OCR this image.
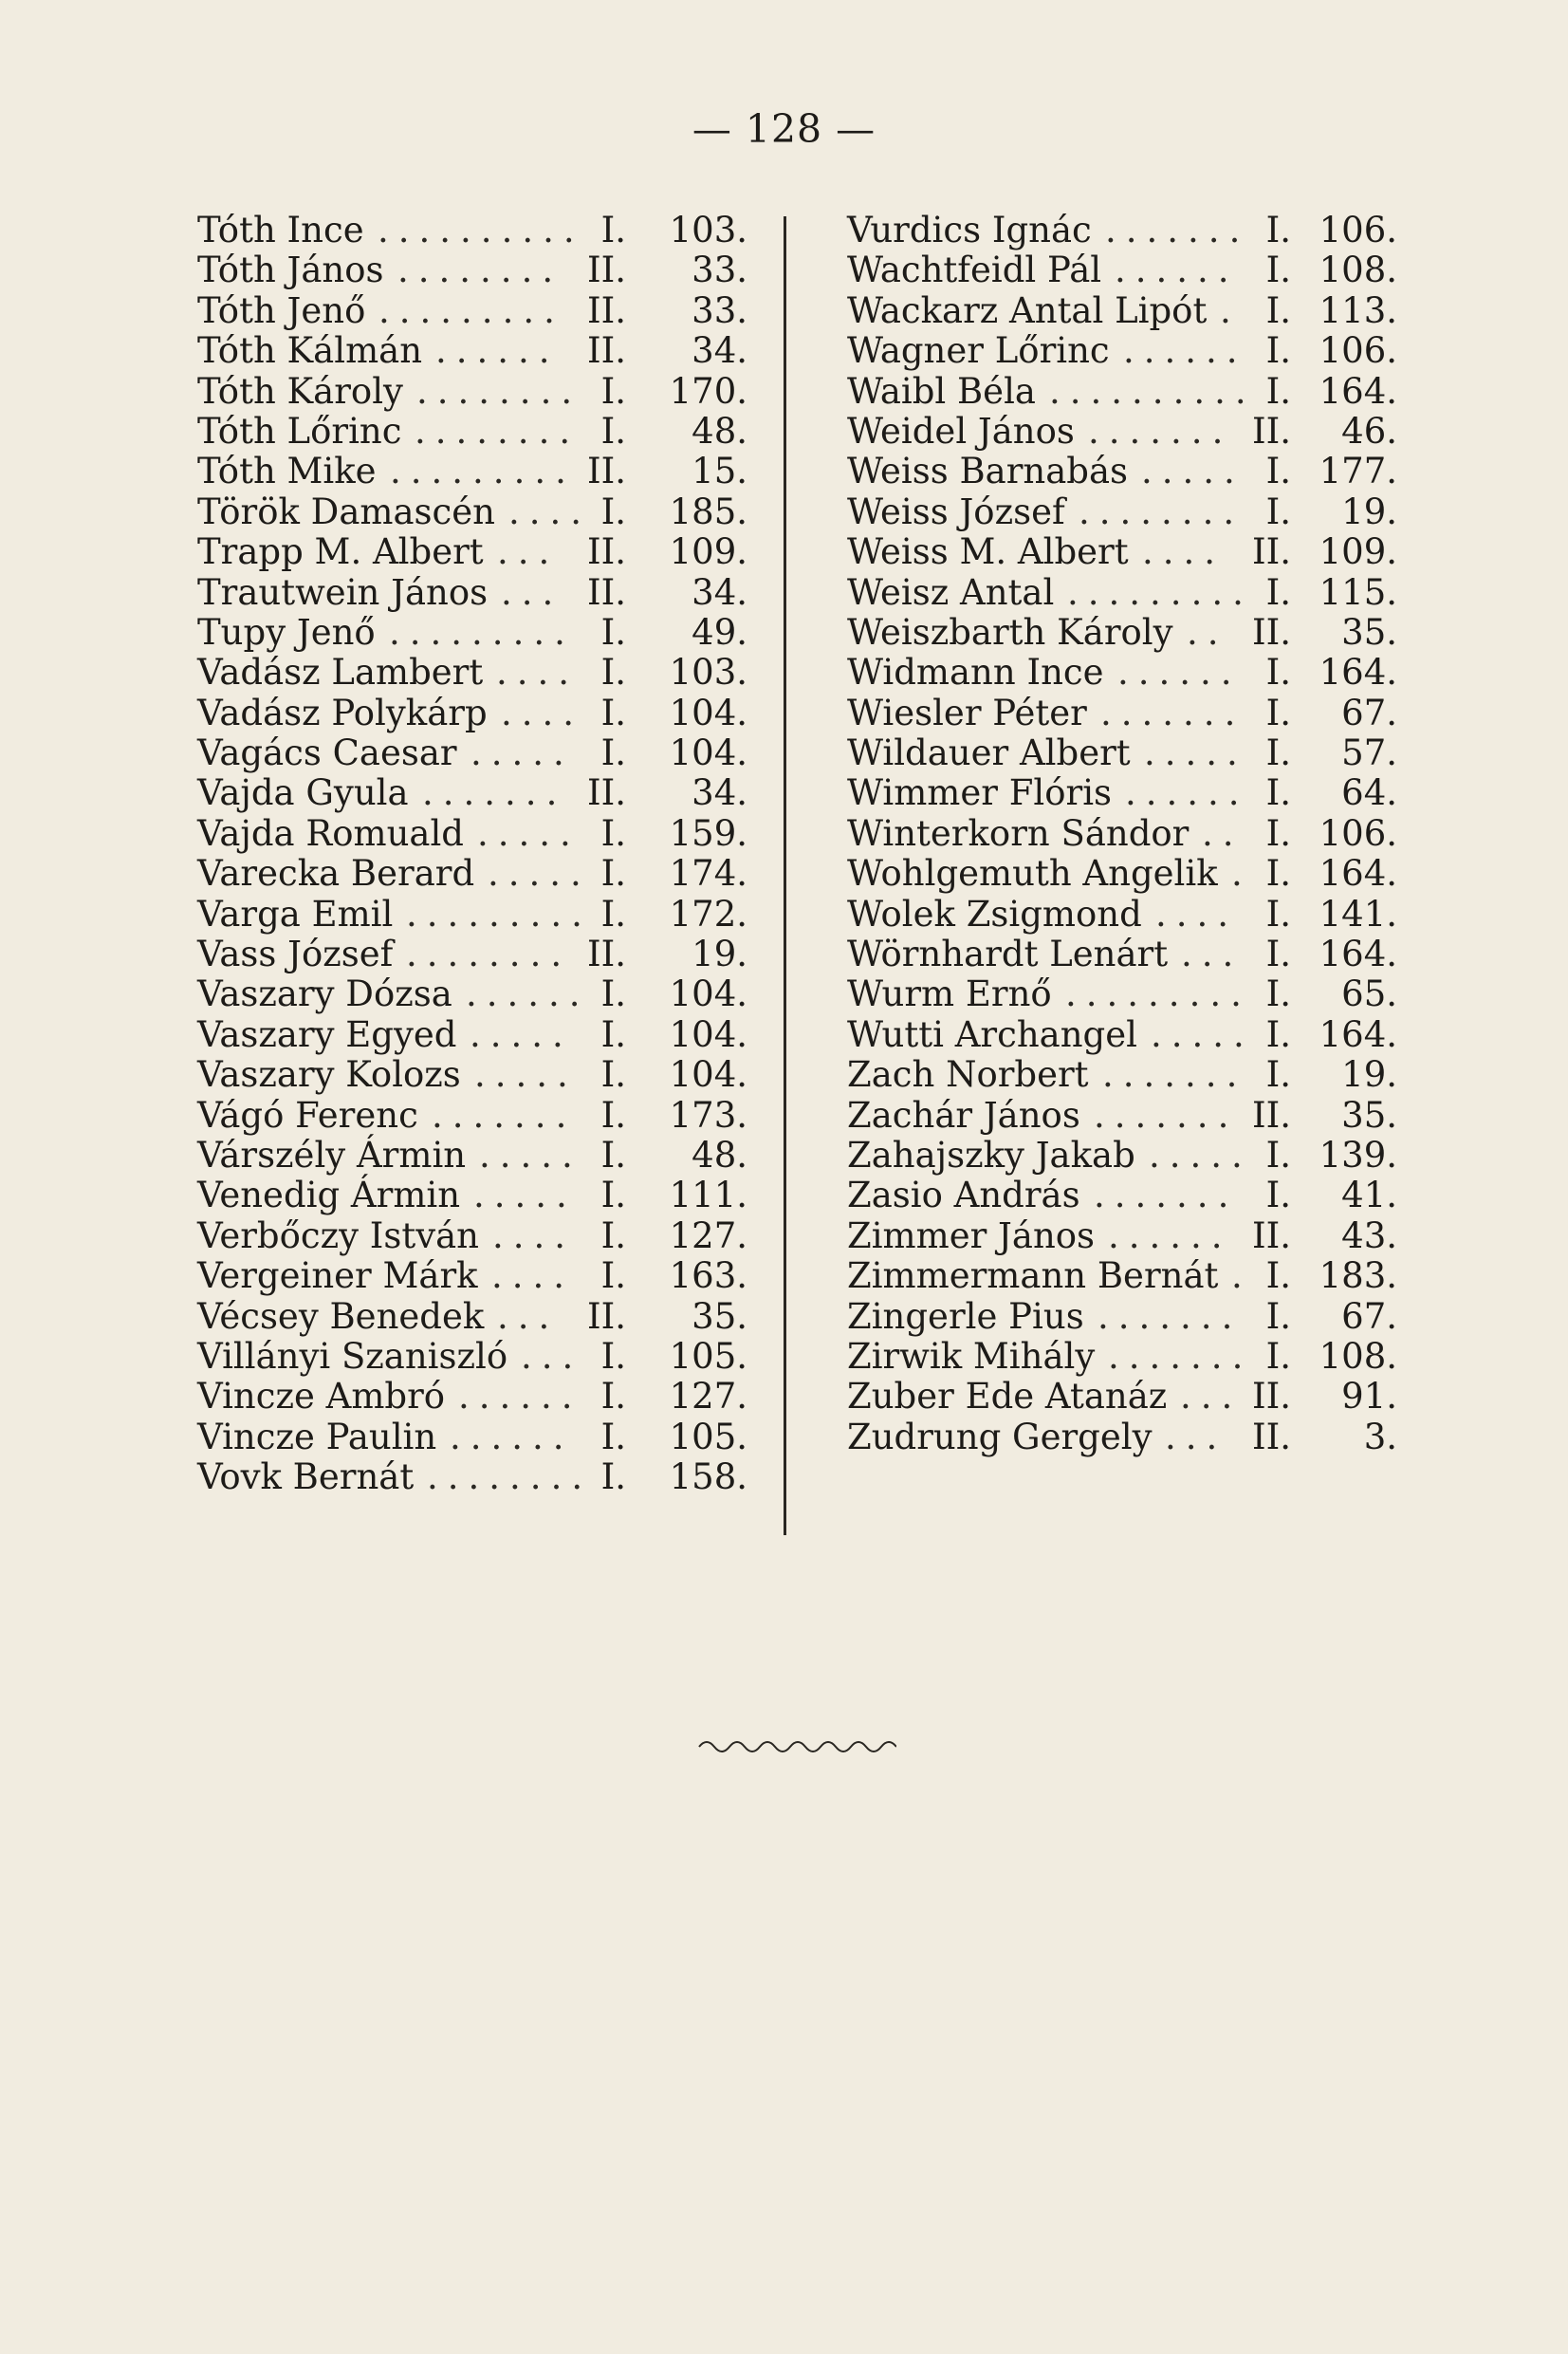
— 128 —
Tóth Ince .......... I.	103.
Tóth János ........ II.	33.
Tóth Jenő ......... II.	33.
Tóth Kálmán ...... II.	34.
Tóth Károly ........ I.	170.
Tóth Lőrinc ........ I.	48.
Tóth Mike ......... II.	15.
Török Damascén .... I.	185.
Trapp M. Albert ... II.	109.
Trautwein János ... II.	34.
Tupy Jenő ......... I.	49.
Vadász Lambert .... I.	103.
Vadász Polykárp .... I.	104.
Vagács Caesar ..... I.	104.
Vajda Gyula ....... II.	34.
Vajda Romuald ..... I.	159.
Varecka Berard ..... I.	174.
Varga Emil ......... I.	172.
Vass József ........ II.	19.
Vaszary Dózsa ...... I.	104.
Vaszary Egyed ..... I.	104.
Vaszary Kolozs ..... I.	104.
Vágó Ferenc ....... I.	173.
Várszély Ármin ..... I.	48.
Venedig Ármin ..... I.	111.
Verbőczy István .... I.	127.
Vergeiner Márk .... I.	163.
Vécsey Benedek ... II.	35.
Villányi Szaniszló ... I.	105.
Vincze Ambró ...... I.	127.
Vincze Paulin ...... I.	105.
Vovk Bernát ........ I.	158.
Vurdics Ignác ....... I. 106.
Wachtfeidl Pál ...... I. 108.
Wackarz Antal Lipót . I. 113.
Wagner Lőrinc ...... I. 106.
Waibl Béla .......... I. 164.
Weidel János ....... II.	46.
Weiss Barnabás ..... I. 177.
Weiss József ........ I.	19.
Weiss M. Albert .... II. 109.
Weisz Antal ......... I. 115.
Weiszbarth Károly .. II.	35.
Widmann Ince ...... I. 164.
Wiesler Péter ....... I.	67.
Wildauer Albert ..... I.	57.
Wimmer Flóris ...... I.	64.
Winterkorn Sándor .. I. 106.
Wohlgemuth Angelik . I. 164.
Wolek Zsigmond .... I. 141.
Wörnhardt Lenárt ... I. 164.
Wurm Ernő ......... I.	65.
Wutti Archangel ..... I. 164.
Zach Norbert ....... I.	19.
Zachár János ....... II.	35.
Zahajszky Jakab ..... I. 139.
Zasio András ....... I.	41.
Zimmer János ...... II.	43.
Zimmermann Bernát . I. 183.
Zingerle Pius ....... I.	67.
Zirwik Mihály ....... I. 108.
Zuber Ede Atanáz ... II.	91.
Zudrung Gergely ... II.	3.
